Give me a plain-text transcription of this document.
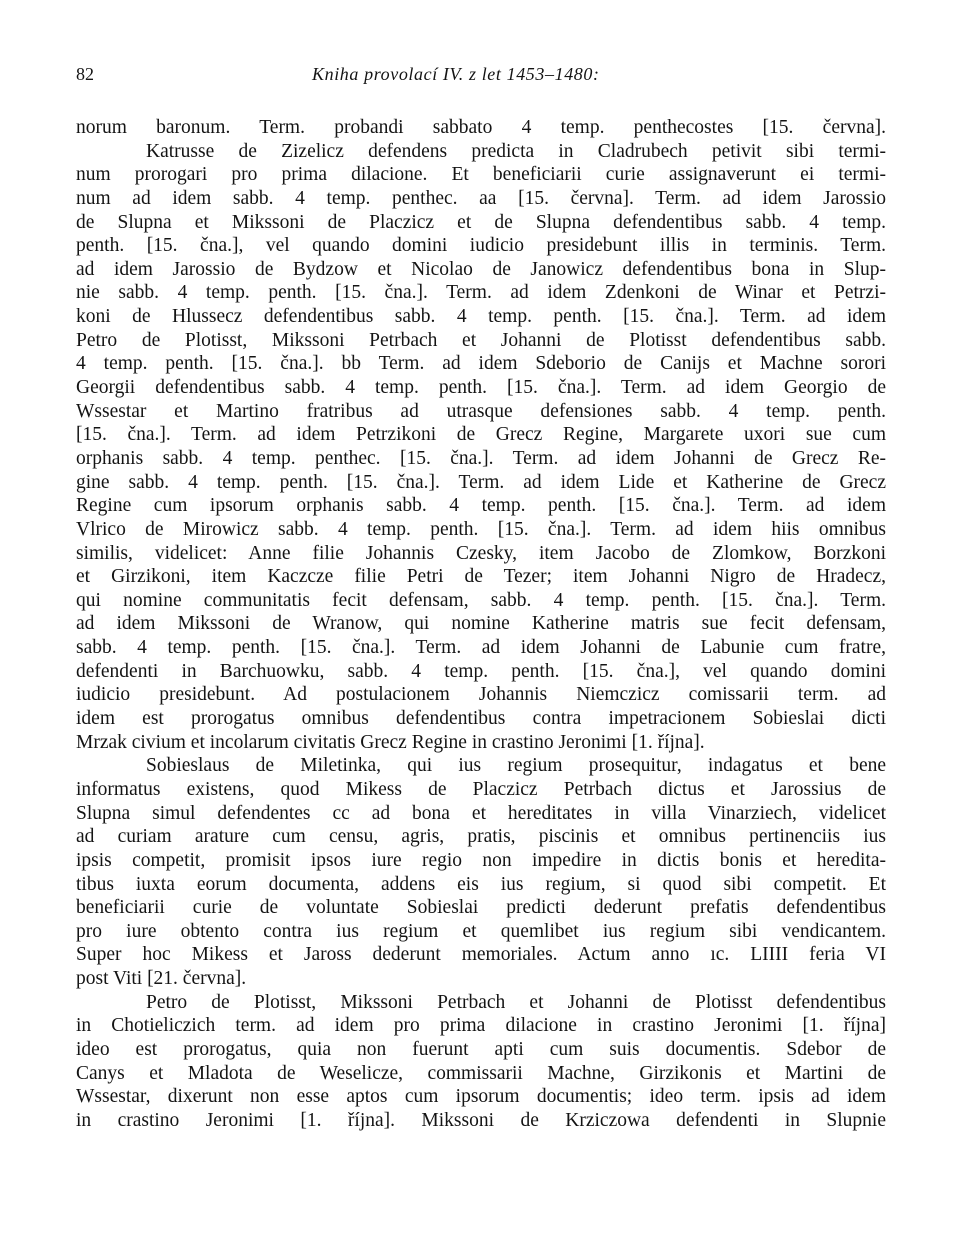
82	Kniha provolací IV. z let 1453–1480:
norum baronum. Term. probandi sabbato 4 temp. penthecostes [15. června].
Katrusse de Zizelicz defendens predicta in Cladrubech petivit sibi termi-
num prorogari pro prima dilacione. Et beneficiarii curie assignaverunt ei termi-
num ad idem sabb. 4 temp. penthec. aa [15. června]. Term. ad idem Jarossio
de Slupna et Mikssoni de Placzicz et de Slupna defendentibus sabb. 4 temp.
penth. [15. čna.], vel quando domini iudicio presidebunt illis in terminis. Term.
ad idem Jarossio de Bydzow et Nicolao de Janowicz defendentibus bona in Slup-
nie sabb. 4 temp. penth. [15. čna.]. Term. ad idem Zdenkoni de Winar et Petrzi-
koni de Hlussecz defendentibus sabb. 4 temp. penth. [15. čna.]. Term. ad idem
Petro de Plotisst, Mikssoni Petrbach et Johanni de Plotisst defendentibus sabb.
4 temp. penth. [15. čna.]. bb Term. ad idem Sdeborio de Canijs et Machne sorori
Georgii defendentibus sabb. 4 temp. penth. [15. čna.]. Term. ad idem Georgio de
Wssestar et Martino fratribus ad utrasque defensiones sabb. 4 temp. penth.
[15. čna.]. Term. ad idem Petrzikoni de Grecz Regine, Margarete uxori sue cum
orphanis sabb. 4 temp. penthec. [15. čna.]. Term. ad idem Johanni de Grecz Re-
gine sabb. 4 temp. penth. [15. čna.]. Term. ad idem Lide et Katherine de Grecz
Regine cum ipsorum orphanis sabb. 4 temp. penth. [15. čna.]. Term. ad idem
Vlrico de Mirowicz sabb. 4 temp. penth. [15. čna.]. Term. ad idem hiis omnibus
similis, videlicet: Anne filie Johannis Czesky, item Jacobo de Zlomkow, Borzkoni
et Girzikoni, item Kaczcze filie Petri de Tezer; item Johanni Nigro de Hradecz,
qui nomine communitatis fecit defensam, sabb. 4 temp. penth. [15. čna.]. Term.
ad idem Mikssoni de Wranow, qui nomine Katherine matris sue fecit defensam,
sabb. 4 temp. penth. [15. čna.]. Term. ad idem Johanni de Labunie cum fratre,
defendenti in Barchuowku, sabb. 4 temp. penth. [15. čna.], vel quando domini
iudicio presidebunt. Ad postulacionem Johannis Niemczicz comissarii term. ad
idem est prorogatus omnibus defendentibus contra impetracionem Sobieslai dicti
Mrzak civium et incolarum civitatis Grecz Regine in crastino Jeronimi [1. října].
Sobieslaus de Miletinka, qui ius regium prosequitur, indagatus et bene
informatus existens, quod Mikess de Placzicz Petrbach dictus et Jarossius de
Slupna simul defendentes cc ad bona et hereditates in villa Vinarziech, videlicet
ad curiam arature cum censu, agris, pratis, piscinis et omnibus pertinenciis ius
ipsis competit, promisit ipsos iure regio non impedire in dictis bonis et heredita-
tibus iuxta eorum documenta, addens eis ius regium, si quod sibi competit. Et
beneficiarii curie de voluntate Sobieslai predicti dederunt prefatis defendentibus
pro iure obtento contra ius regium et quemlibet ius regium sibi vendicantem.
Super hoc Mikess et Jaross dederunt memoriales. Actum anno ıc. LIIII feria VI
post Viti [21. června].
Petro de Plotisst, Mikssoni Petrbach et Johanni de Plotisst defendentibus
in Chotieliczich term. ad idem pro prima dilacione in crastino Jeronimi [1. října]
ideo est prorogatus, quia non fuerunt apti cum suis documentis. Sdebor de
Canys et Mladota de Weselicze, commissarii Machne, Girzikonis et Martini de
Wssestar, dixerunt non esse aptos cum ipsorum documentis; ideo term. ipsis ad idem
in crastino Jeronimi [1. října]. Mikssoni de Krziczowa defendenti in Slupnie
